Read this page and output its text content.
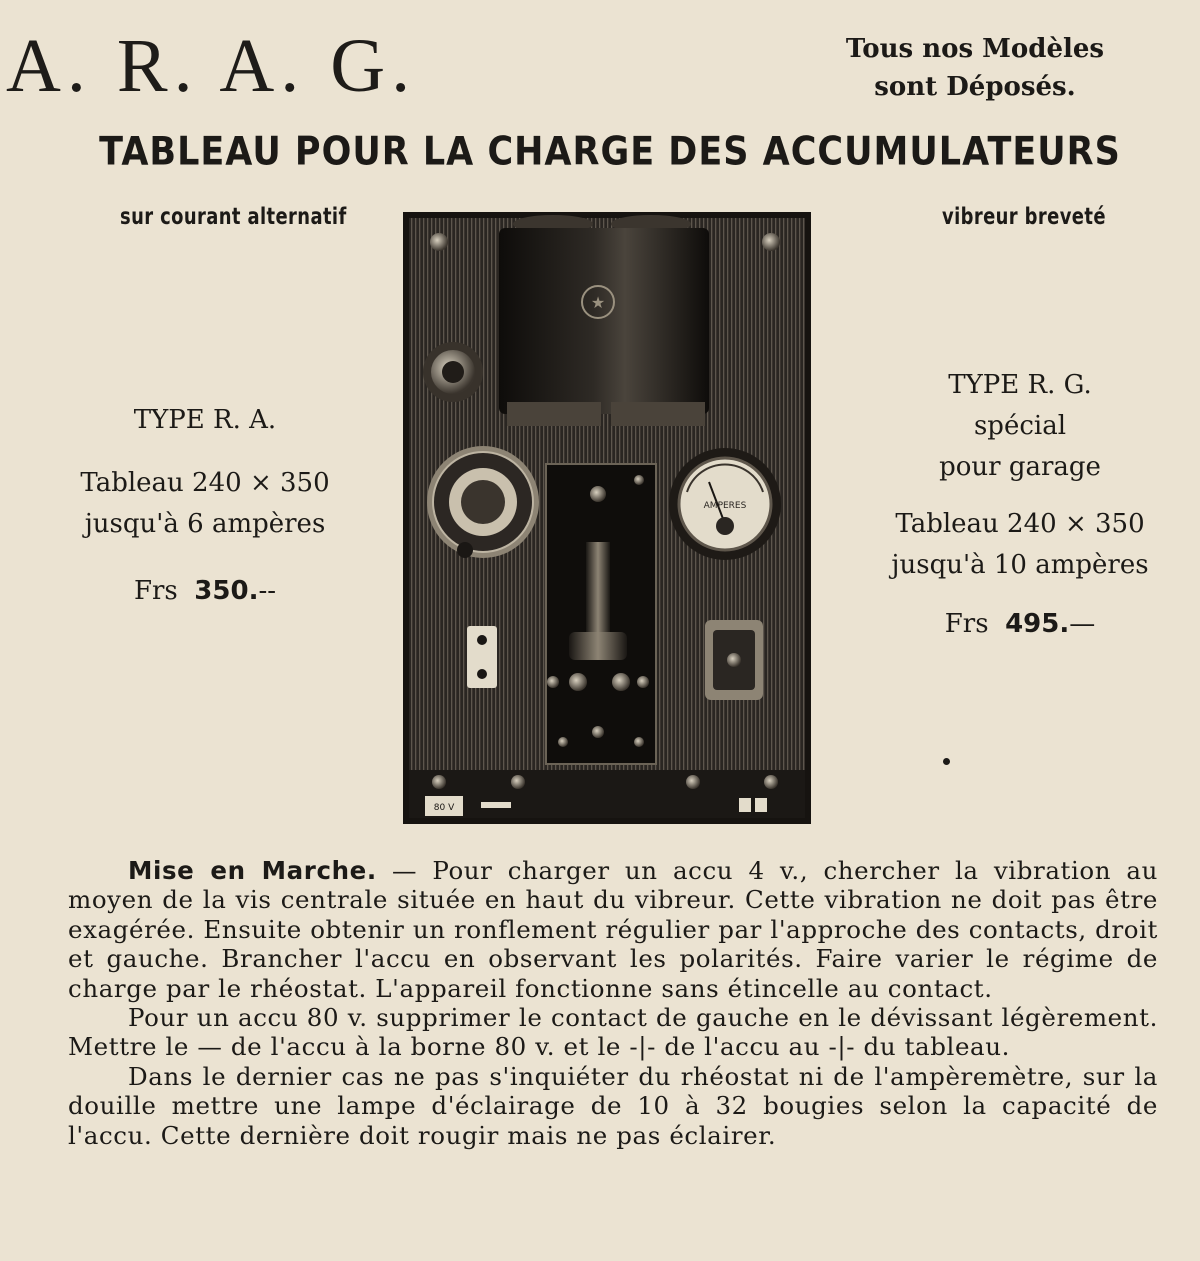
A. R. A. G.	Tous nos Modèles
sont Déposés.
TABLEAU POUR LA CHARGE DES ACCUMULATEURS
sur courant alternatif	vibreur breveté
TYPE R. A.
Tableau 240 × 350
jusqu'à 6 ampères
Frs 350.--
TYPE R. G.
spécial
pour garage
Tableau 240 × 350
jusqu'à 10 ampères
Frs 495.—
★
AMPERES
80 V

Mise en Marche. — Pour charger un accu 4 v., chercher la vibration au moyen de la vis centrale située en haut du vibreur. Cette vibration ne doit pas être exagérée. Ensuite obtenir un ronflement régulier par l'approche des contacts, droit et gauche. Brancher l'accu en observant les polarités. Faire varier le régime de charge par le rhéostat. L'appareil fonctionne sans étincelle au contact.

Pour un accu 80 v. supprimer le contact de gauche en le dévissant légèrement. Mettre le — de l'accu à la borne 80 v. et le -|- de l'accu au -|- du tableau.

Dans le dernier cas ne pas s'inquiéter du rhéostat ni de l'ampèremètre, sur la douille mettre une lampe d'éclairage de 10 à 32 bougies selon la capacité de l'accu. Cette dernière doit rougir mais ne pas éclairer.
